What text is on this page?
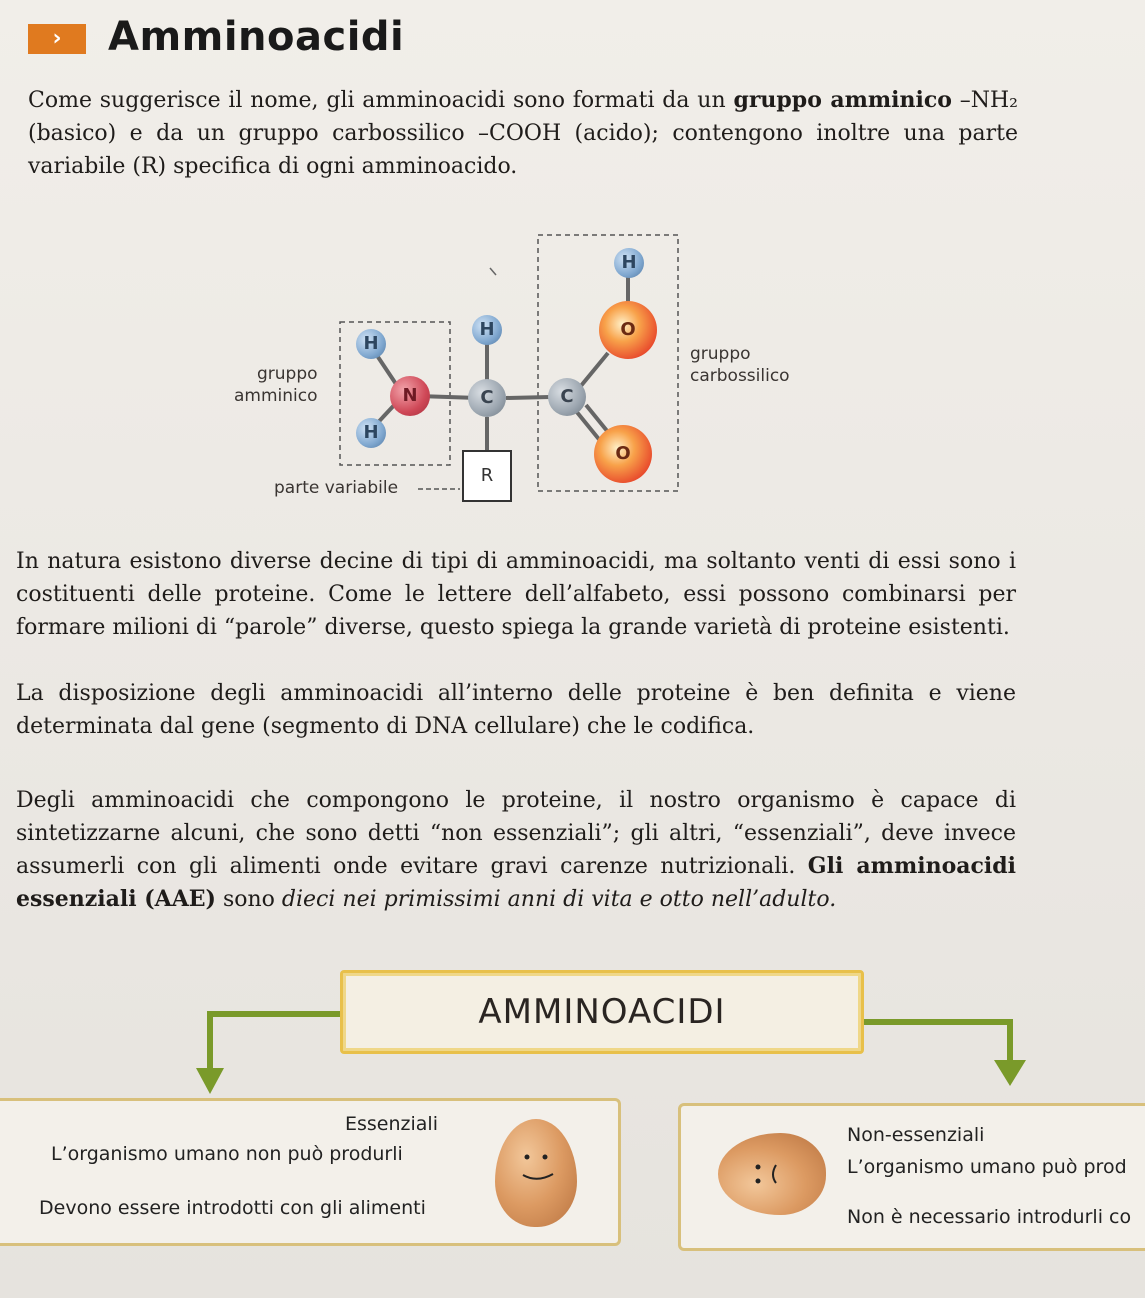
›	Amminoacidi

Come suggerisce il nome, gli amminoacidi sono formati da un gruppo amminico –NH₂ (basico) e da un gruppo carbossilico –COOH (acido); contengono inoltre una parte variabile (R) specifica di ogni amminoacido.

H
H
N
H
C	C
H
O
O
R
gruppo
amminico
gruppo
carbossilico
parte variabile

In natura esistono diverse decine di tipi di amminoacidi, ma soltanto venti di essi sono i costituenti delle proteine. Come le lettere dell’alfabeto, essi possono combinarsi per formare milioni di “parole” diverse, questo spiega la grande varietà di proteine esistenti.

La disposizione degli amminoacidi all’interno delle proteine è ben definita e viene determinata dal gene (segmento di DNA cellulare) che le codifica.

Degli amminoacidi che compongono le proteine, il nostro organismo è capace di sintetizzarne alcuni, che sono detti “non essenziali”; gli altri, “essenziali”, deve invece assumerli con gli alimenti onde evitare gravi carenze nutrizionali. Gli amminoacidi essenziali (AAE) sono dieci nei primissimi anni di vita e otto nell’adulto.

AMMINOACIDI
Essenziali
L’organismo umano non può produrli
Devono essere introdotti con gli alimenti
Non-essenziali
L’organismo umano può prod
Non è necessario introdurli co
